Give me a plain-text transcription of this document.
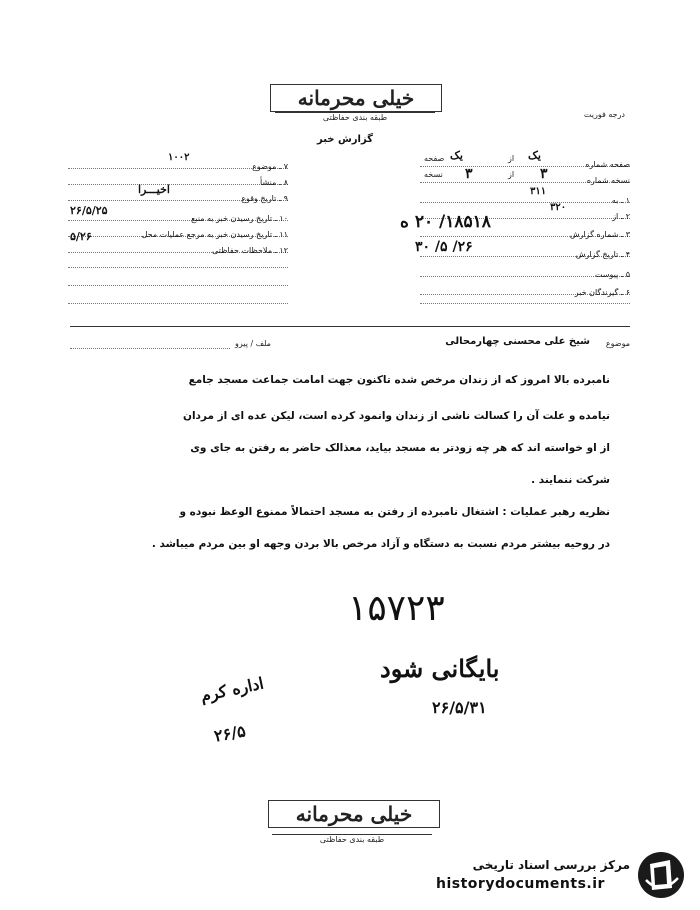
خیلی محرمانه
طبقه بندی حفاظتی	درجه فوریت
گزارش خبر
۷ ـ موضوع
۱۰۰۲
۸ ـ منشأ
۹ ـ تاریخ وقوع
اخیـــرا
۱۰ ـ تاریخ رسیدن خبر به منبع
۲۶/۵/۲۵
۱۱ ـ تاریخ رسیدن خبر به مرجع عملیات محل
۵/۲۶
۱۲ ـ ملاحظات حفاظتی
صفحه شماره
صفحه یک	از یک
نسخه شماره
نسخه ۳	از ۳
۱ ـ به
۳۱۱
۲ ـ از
۳۲۰
۳ ـ شماره گزارش
۱۸۵۱۸/ ۲۰ ه
۴ ـ تاریخ گزارش
۲۶/ ۵/ ۳۰
۵ ـ پیوست
۶ ـ گیرندگان خبر
موضوع
شیخ علی محسنی چهارمحالی
ملف / پیرو
نامبرده بالا امروز که از زندان مرخص شده تاکنون جهت امامت جماعت مسجد جامع
نیامده و علت آن را کسالت ناشی از زندان وانمود کرده است، لیکن عده ای از مردان
از او خواسته اند که هر چه زودتر به مسجد بیاید، معذالک حاضر به رفتن به جای وی
شرکت ننمایند .
نظریه رهبر عملیات : اشتغال نامبرده از رفتن به مسجد احتمالاً ممنوع الوعظ نبوده و
در روحیه بیشتر مردم نسبت به دستگاه و آزاد مرخص بالا بردن وجهه او بین مردم میباشد .
۱۵۷۲۳
بایگانی شود
۲۶/۵/۳۱
اداره کرم
۲۶/۵
خیلی محرمانه
طبقه بندی حفاظتی
مرکز بررسی اسناد تاریخی
historydocuments.ir
